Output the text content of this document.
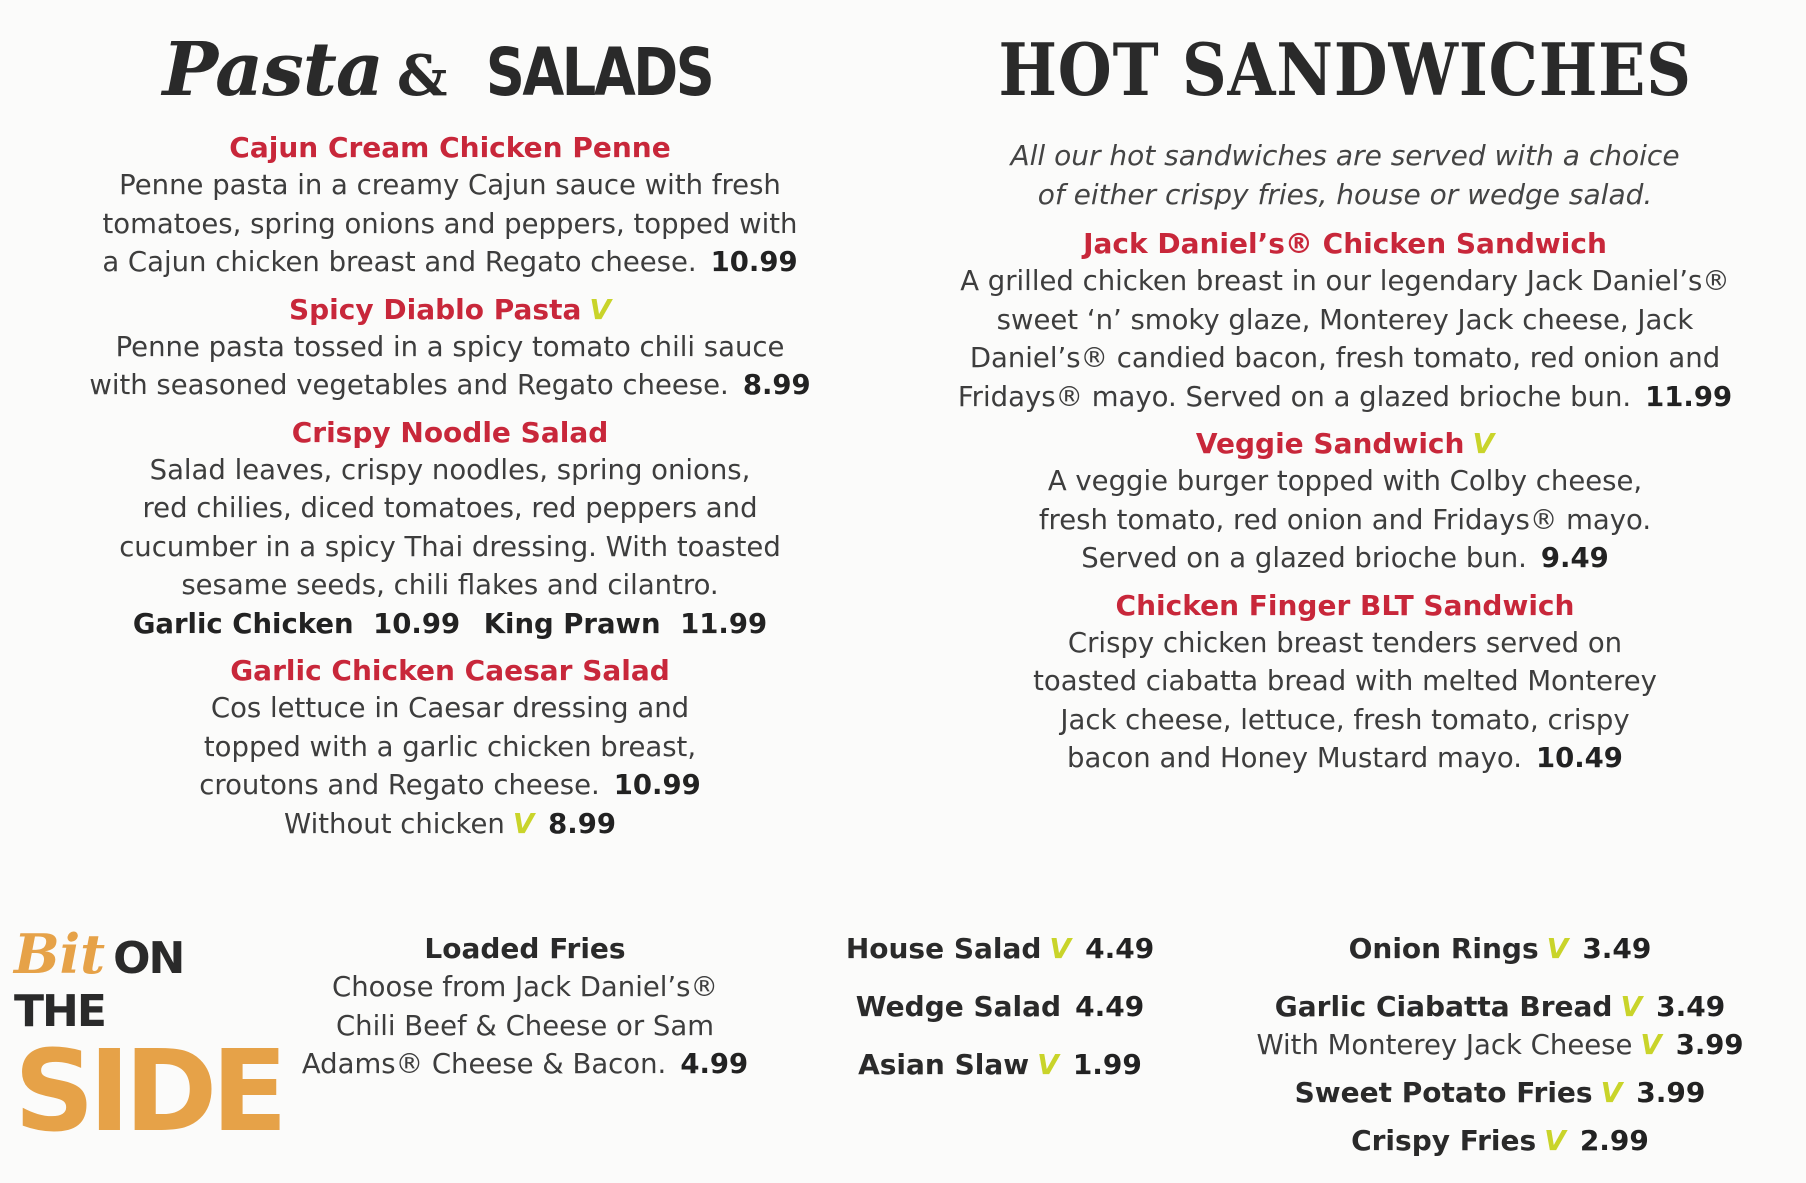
Pasta & SALADS
Cajun Cream Chicken Penne
Penne pasta in a creamy Cajun sauce with fresh
tomatoes, spring onions and peppers, topped with
a Cajun chicken breast and Regato cheese. 10.99
Spicy Diablo Pasta V
Penne pasta tossed in a spicy tomato chili sauce
with seasoned vegetables and Regato cheese. 8.99
Crispy Noodle Salad
Salad leaves, crispy noodles, spring onions,
red chilies, diced tomatoes, red peppers and
cucumber in a spicy Thai dressing. With toasted
sesame seeds, chili flakes and cilantro.
Garlic Chicken 10.99 King Prawn 11.99
Garlic Chicken Caesar Salad
Cos lettuce in Caesar dressing and
topped with a garlic chicken breast,
croutons and Regato cheese. 10.99
Without chicken V 8.99
HOT SANDWICHES
All our hot sandwiches are served with a choice
of either crispy fries, house or wedge salad.
Jack Daniel’s® Chicken Sandwich
A grilled chicken breast in our legendary Jack Daniel’s®
sweet ‘n’ smoky glaze, Monterey Jack cheese, Jack
Daniel’s® candied bacon, fresh tomato, red onion and
Fridays® mayo. Served on a glazed brioche bun. 11.99
Veggie Sandwich V
A veggie burger topped with Colby cheese,
fresh tomato, red onion and Fridays® mayo.
Served on a glazed brioche bun. 9.49
Chicken Finger BLT Sandwich
Crispy chicken breast tenders served on
toasted ciabatta bread with melted Monterey
Jack cheese, lettuce, fresh tomato, crispy
bacon and Honey Mustard mayo. 10.49
Bit ON THE
SIDE
Loaded Fries
Choose from Jack Daniel’s®
Chili Beef & Cheese or Sam
Adams® Cheese & Bacon. 4.99
House Salad V 4.49
Wedge Salad 4.49
Asian Slaw V 1.99
Onion Rings V 3.49
Garlic Ciabatta Bread V 3.49
With Monterey Jack Cheese V 3.99
Sweet Potato Fries V 3.99
Crispy Fries V 2.99
